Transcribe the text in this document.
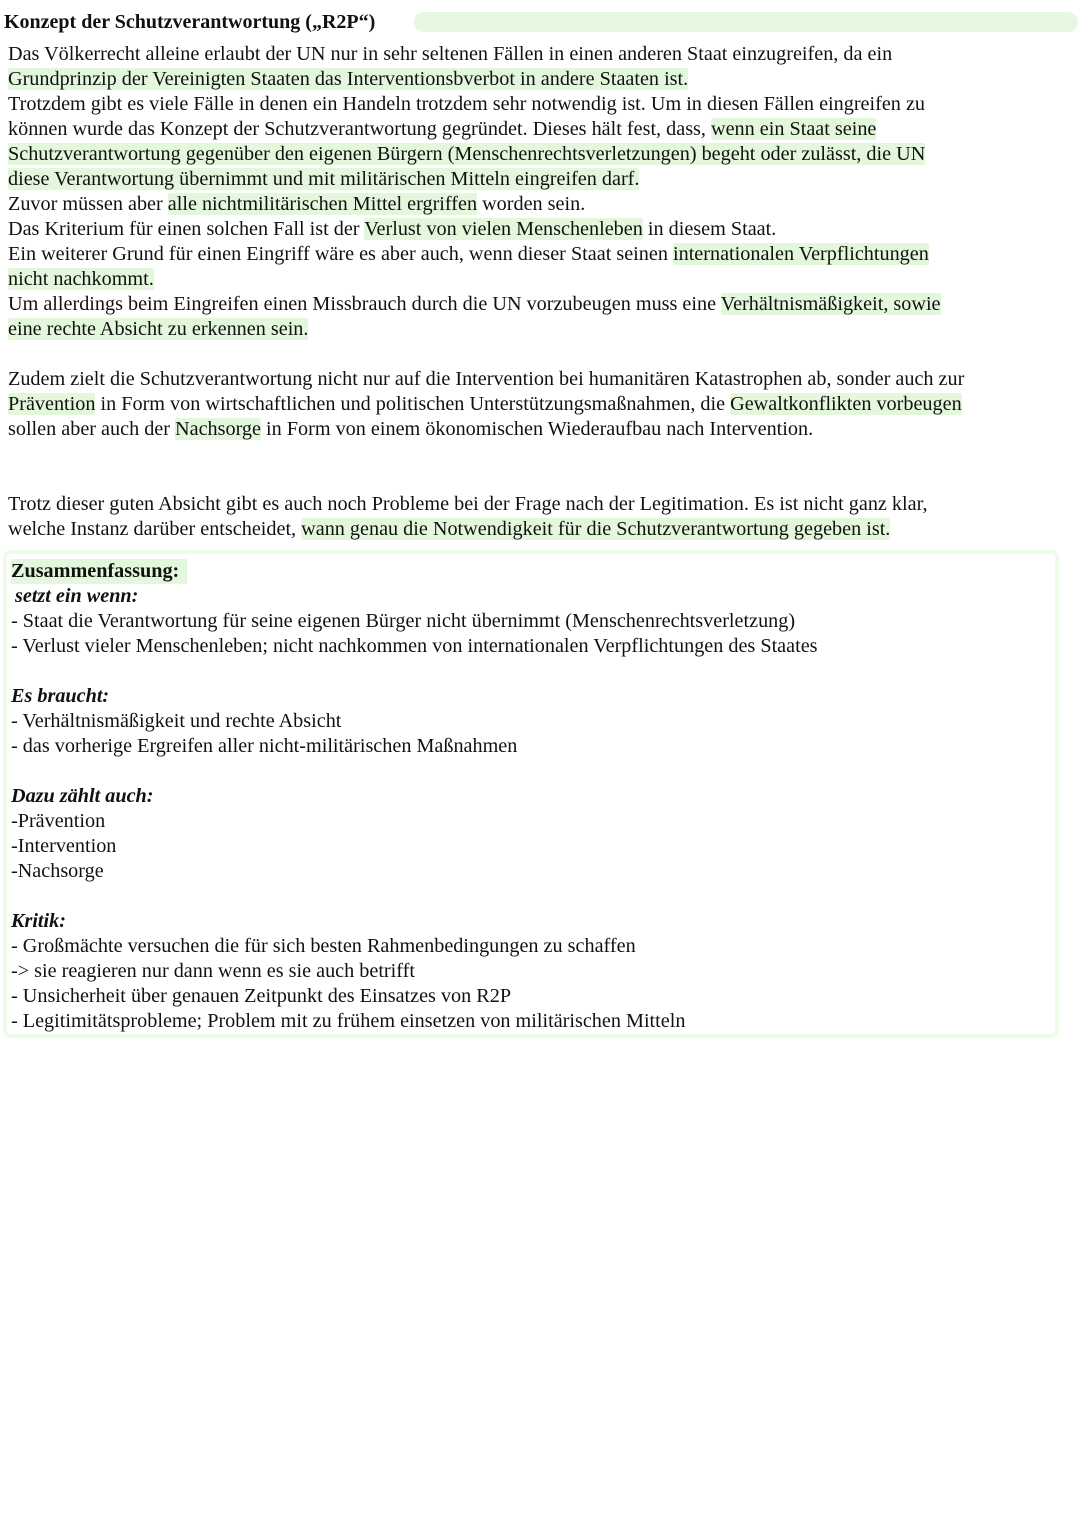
Konzept der Schutzverantwortung („R2P“)

Das Völkerrecht alleine erlaubt der UN nur in sehr seltenen Fällen in einen anderen Staat einzugreifen, da ein

Grundprinzip der Vereinigten Staaten das Interventionsbverbot in andere Staaten ist.

Trotzdem gibt es viele Fälle in denen ein Handeln trotzdem sehr notwendig ist. Um in diesen Fällen eingreifen zu

können wurde das Konzept der Schutzverantwortung gegründet. Dieses hält fest, dass, wenn ein Staat seine

Schutzverantwortung gegenüber den eigenen Bürgern (Menschenrechtsverletzungen) begeht oder zulässt, die UN

diese Verantwortung übernimmt und mit militärischen Mitteln eingreifen darf.

Zuvor müssen aber alle nichtmilitärischen Mittel ergriffen worden sein.

Das Kriterium für einen solchen Fall ist der Verlust von vielen Menschenleben in diesem Staat.

Ein weiterer Grund für einen Eingriff wäre es aber auch, wenn dieser Staat seinen internationalen Verpflichtungen

nicht nachkommt.

Um allerdings beim Eingreifen einen Missbrauch durch die UN vorzubeugen muss eine Verhältnismäßigkeit, sowie

eine rechte Absicht zu erkennen sein.

Zudem zielt die Schutzverantwortung nicht nur auf die Intervention bei humanitären Katastrophen ab, sonder auch zur

Prävention in Form von wirtschaftlichen und politischen Unterstützungsmaßnahmen, die Gewaltkonflikten vorbeugen

sollen aber auch der Nachsorge in Form von einem ökonomischen Wiederaufbau nach Intervention.

Trotz dieser guten Absicht gibt es auch noch Probleme bei der Frage nach der Legitimation. Es ist nicht ganz klar,

welche Instanz darüber entscheidet, wann genau die Notwendigkeit für die Schutzverantwortung gegeben ist.

Zusammenfassung:
setzt ein wenn:
- Staat die Verantwortung für seine eigenen Bürger nicht übernimmt (Menschenrechtsverletzung)
- Verlust vieler Menschenleben; nicht nachkommen von internationalen Verpflichtungen des Staates
Es braucht:
- Verhältnismäßigkeit und rechte Absicht
- das vorherige Ergreifen aller nicht-militärischen Maßnahmen
Dazu zählt auch:
-Prävention
-Intervention
-Nachsorge
Kritik:
- Großmächte versuchen die für sich besten Rahmenbedingungen zu schaffen
-> sie reagieren nur dann wenn es sie auch betrifft
- Unsicherheit über genauen Zeitpunkt des Einsatzes von R2P
- Legitimitätsprobleme; Problem mit zu frühem einsetzen von militärischen Mitteln
